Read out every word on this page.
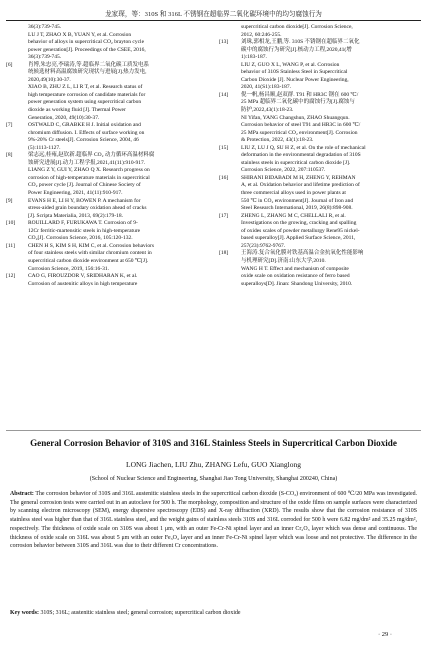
龙家琛，等：310S 和 316L 不锈钢在超临界二氧化碳环境中的均匀腐蚀行为
36(3):739-745.
LU J T, ZHAO X B, YUAN Y, et al. Corrosion
behavior of alloys in supercritical CO₂ brayton cycle
power generation[J]. Proceedings of the CSEE, 2016,
36(3):739-745.
[6]	肖博,朱忠亮,李瑞涛,等.超临界二氧化碳工质发电系
统候选材料高温腐蚀研究现状与进展[J].热力发电,
2020,49(10):30-37.
XIAO B, ZHU Z L, LI R T, et al. Research status of
high temperature corrosion of candidate materials for
power generation system using supercritical carbon
dioxide as working fluid [J]. Thermal Power
Generation, 2020, 49(10):30-37.
[7]	OSTWALD C, GRABKE H J. Initial oxidation and
chromium diffusion. I. Effects of surface working on
9%-20% Cr steels[J]. Corrosion Science, 2004, 46
(5):1113-1127.
[8]	梁志远,桂雍,赵钦新.超临界 CO₂ 动力循环高温材料腐
蚀研究进展[J].动力工程学报,2021,41(11):910-917.
LIANG Z Y, GUI Y, ZHAO Q X. Research progress on
corrosion of high-temperature materials in supercritical
CO₂ power cycle [J]. Journal of Chinese Society of
Power Engineering, 2021, 41(11):910-917.
[9]	EVANS H E, LI H Y, BOWEN P. A mechanism for
stress-aided grain boundary oxidation ahead of cracks
[J]. Scripta Materialia, 2013, 69(2):179-18.
[10]	ROUILLARD F, FURUKAWA T. Corrosion of 9-
12Cr ferritic-martensitic steels in high-temperature
CO₂[J]. Corrosion Science, 2016, 105:120-132.
[11]	CHEN H S, KIM S H, KIM C, et al. Corrosion behaviors
of four stainless steels with similar chromium content in
supercritical carbon dioxide environment at 650 ℃[J].
Corrosion Science, 2019, 156:16-31.
[12]	CAO G, FIROUZDOR V, SRIDHARAN K, et al.
Corrosion of austenitic alloys in high temperature
supercritical carbon dioxide[J]. Corrosion Science,
2012, 60:246-255.
[13]	刘珠,郭相龙,王鹏,等. 310S 不锈钢在超临界二氧化
碳中的腐蚀行为研究[J].核动力工程,2020,41(增
1):183-187.
LIU Z, GUO X L, WANG P, et al. Corrosion
behavior of 310S Stainless Steel in Supercritical
Carbon Dioxide [J]. Nuclear Power Engineering,
2020, 41(S1):183-187.
[14]	倪一帆,杨昌顺,赵双群. T91 和 HR3C 钢在 600 ℃/
25 MPa 超临界二氧化碳中的腐蚀行为[J].腐蚀与
防护,2022,43(1):18-23.
NI Yifan, YANG Changshun, ZHAO Shuangqun.
Corrosion behavior of steel T91 and HR3C in 600 ℃/
25 MPa supercritical CO₂ environment[J]. Corrosion
& Protection, 2022, 43(1):18-23.
[15]	LIU Z, LU J Q, SU H Z, et al. On the role of mechanical
deformation in the environmental degradation of 310S
stainless steels in supercritical carbon dioxide [J].
Corrosion Science, 2022, 207:110537.
[16]	SHIRANI BIDABADI M H, ZHENG Y, REHMAN
A, et al. Oxidation behavior and lifetime prediction of
three commercial alloys used in power plants at
550 ℃ in CO₂ environment[J]. Journal of Iron and
Steel Research International, 2019, 26(8):898-908.
[17]	ZHENG L, ZHANG M C, CHELLALI R, et al.
Investigations on the growing, cracking and spalling
of oxides scales of powder metallurgy Rene95 nickel-
based superalloy[J]. Applied Surface Science, 2011,
257(23):9762-9767.
[18]	王海涛.复合氧化膜对铁基高温合金抗氧化性能影响
与机理研究[D].济南:山东大学,2010.
WANG H T. Effect and mechanism of composite
oxide scale on oxidation resistance of ferro based
superalloys[D]. Jinan: Shandong University, 2010.
General Corrosion Behavior of 310S and 316L Stainless Steels in Supercritical Carbon Dioxide
LONG Jiachen, LIU Zhu, ZHANG Lefu, GUO Xianglong
(School of Nuclear Science and Engineering, Shanghai Jiao Tong University, Shanghai 200240, China)
Abstract: The corrosion behavior of 310S and 316L austenitic stainless steels in the supercritical carbon dioxide (S-CO₂) environment of 600 ℃/20 MPa was investigated. The general corrosion tests were carried out in an autoclave for 500 h. The morphology, composition and structure of the oxide films on sample surfaces were characterized by scanning electron microscopy (SEM), energy dispersive spectroscopy (EDS) and X-ray diffraction (XRD). The results show that the corrosion resistance of 310S stainless steel was higher than that of 316L stainless steel, and the weight gains of stainless steels 310S and 316L corroded for 500 h were 6.82 mg/dm² and 35.25 mg/dm², respectively. The thickness of oxide scale on 310S was about 1 μm, with an outer Fe-Cr-Ni spinel layer and an inner Cr₂O₃ layer which was dense and continuous. The thickness of oxide scale on 316L was about 5 μm with an outer Fe₃O₄ layer and an inner Fe-Cr-Ni spinel layer which was loose and not protective. The difference in the corrosion behavior between 310S and 316L was due to their different Cr concentrations.
Key words: 310S; 316L; austenitic stainless steel; general corrosion; supercritical carbon dioxide
· 29 ·
